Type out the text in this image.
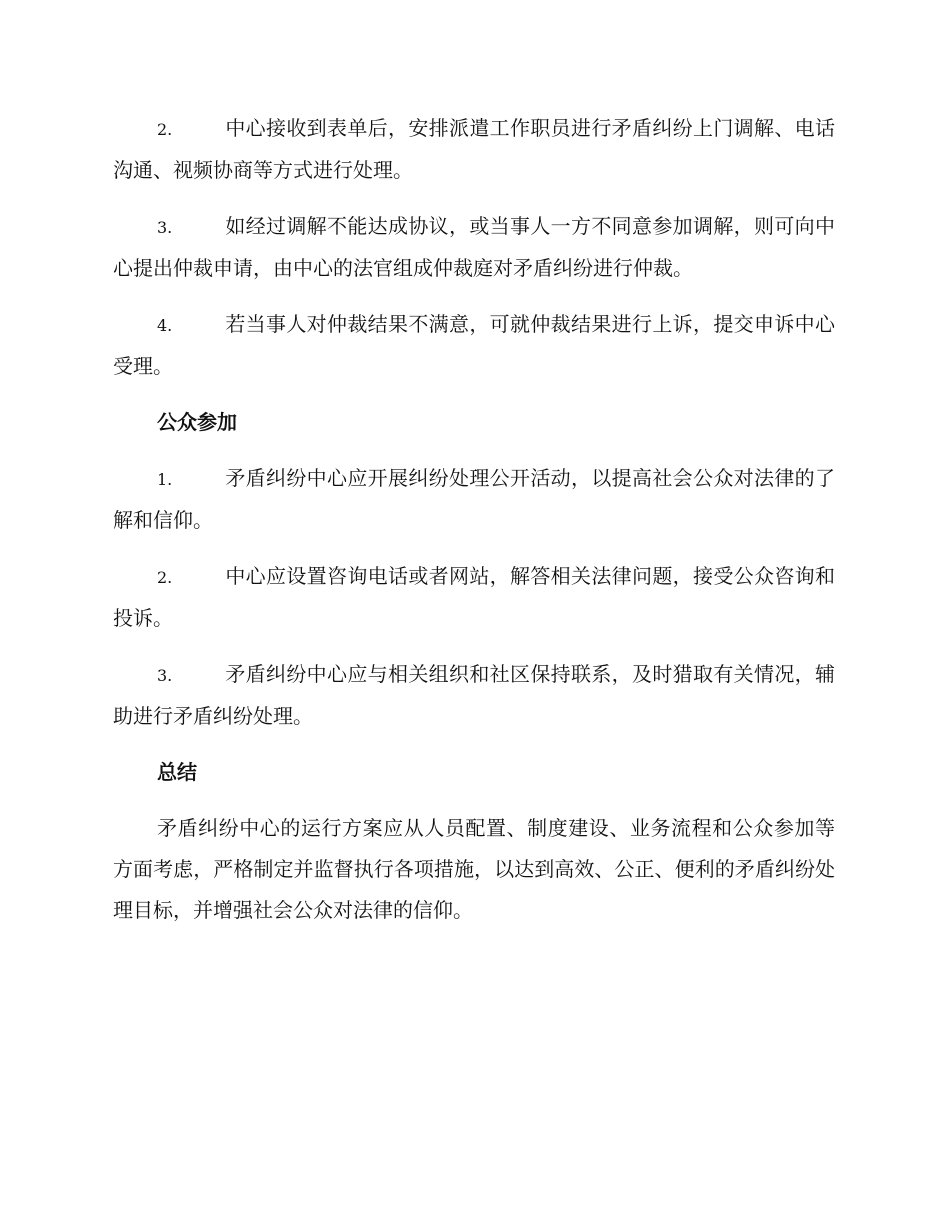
2.	中心接收到表单后，安排派遣工作职员进行矛盾纠纷上门调解、电话沟通、视频协商等方式进行处理。

3.	如经过调解不能达成协议，或当事人一方不同意参加调解，则可向中心提出仲裁申请，由中心的法官组成仲裁庭对矛盾纠纷进行仲裁。

4.	若当事人对仲裁结果不满意，可就仲裁结果进行上诉，提交申诉中心受理。

公众参加

1.	矛盾纠纷中心应开展纠纷处理公开活动，以提高社会公众对法律的了解和信仰。

2.	中心应设置咨询电话或者网站，解答相关法律问题，接受公众咨询和投诉。

3.	矛盾纠纷中心应与相关组织和社区保持联系，及时猎取有关情况，辅助进行矛盾纠纷处理。

总结

矛盾纠纷中心的运行方案应从人员配置、制度建设、业务流程和公众参加等方面考虑，严格制定并监督执行各项措施，以达到高效、公正、便利的矛盾纠纷处理目标，并增强社会公众对法律的信仰。
